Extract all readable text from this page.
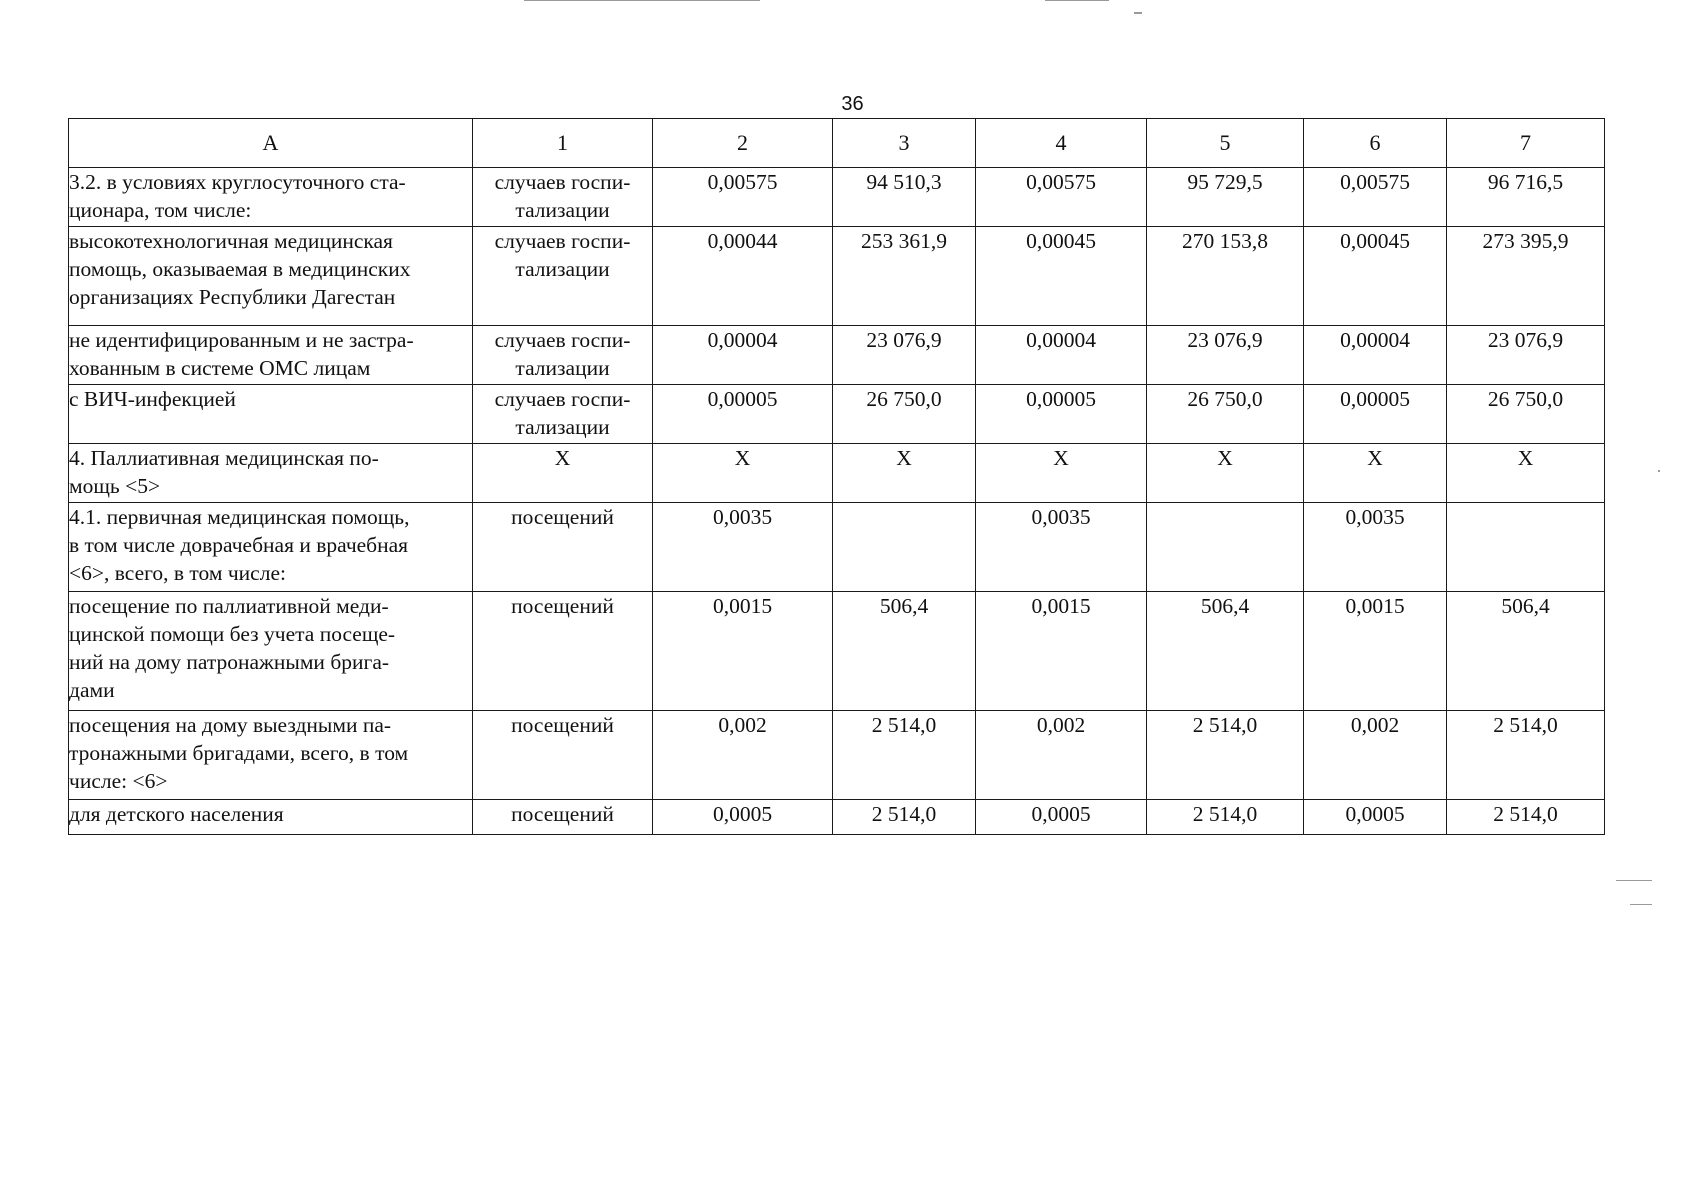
36
A	1	2	3	4	5	6	7

3.2. в условиях круглосуточного ста-
ционара, том числе:	случаев госпи-
тализации	0,00575	94 510,3	0,00575	95 729,5	0,00575	96 716,5

высокотехнологичная медицинская
помощь, оказываемая в медицинских
организациях Республики Дагестан	случаев госпи-
тализации	0,00044	253 361,9	0,00045	270 153,8	0,00045	273 395,9

не идентифицированным и не застра-
хованным в системе ОМС лицам	случаев госпи-
тализации	0,00004	23 076,9	0,00004	23 076,9	0,00004	23 076,9

с ВИЧ-инфекцией	случаев госпи-
тализации	0,00005	26 750,0	0,00005	26 750,0	0,00005	26 750,0

4. Паллиативная медицинская по-
мощь <5>	X	X	X	X	X	X	X

4.1. первичная медицинская помощь,
в том числе доврачебная и врачебная
<6>, всего, в том числе:	посещений	0,0035		0,0035		0,0035	

посещение по паллиативной меди-
цинской помощи без учета посеще-
ний на дому патронажными брига-
дами	посещений	0,0015	506,4	0,0015	506,4	0,0015	506,4

посещения на дому выездными па-
тронажными бригадами, всего, в том
числе: <6>	посещений	0,002	2 514,0	0,002	2 514,0	0,002	2 514,0

для детского населения	посещений	0,0005	2 514,0	0,0005	2 514,0	0,0005	2 514,0
